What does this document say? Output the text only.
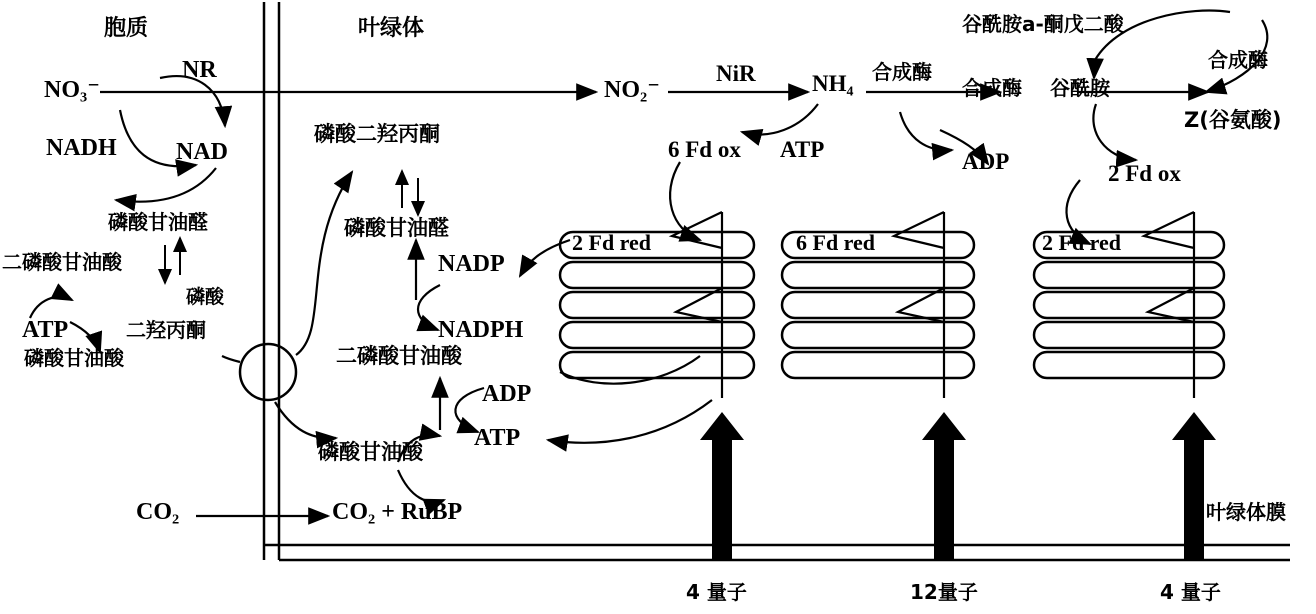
胞质	叶绿体
叶绿体膜
NO₃⁻
NR
NADH NAD
磷酸甘油醛
二磷酸甘油酸
ATP
磷酸甘油酸
磷酸
二羟丙酮
磷酸二羟丙酮
磷酸甘油醛
NADP
NADPH
二磷酸甘油酸
ADP
ATP
磷酸甘油酸
CO₂	CO₂ + RuBP
NO₂⁻
NiR NH₄ 合成酶
合成酶 谷酰胺
谷酰胺a-酮戊二酸
合成酶
Z(谷氨酸)
6 Fd ox ATP	ADP	2 Fd ox
2 Fd red	6 Fd red	2 Fd red
4 量子	12量子	4 量子
